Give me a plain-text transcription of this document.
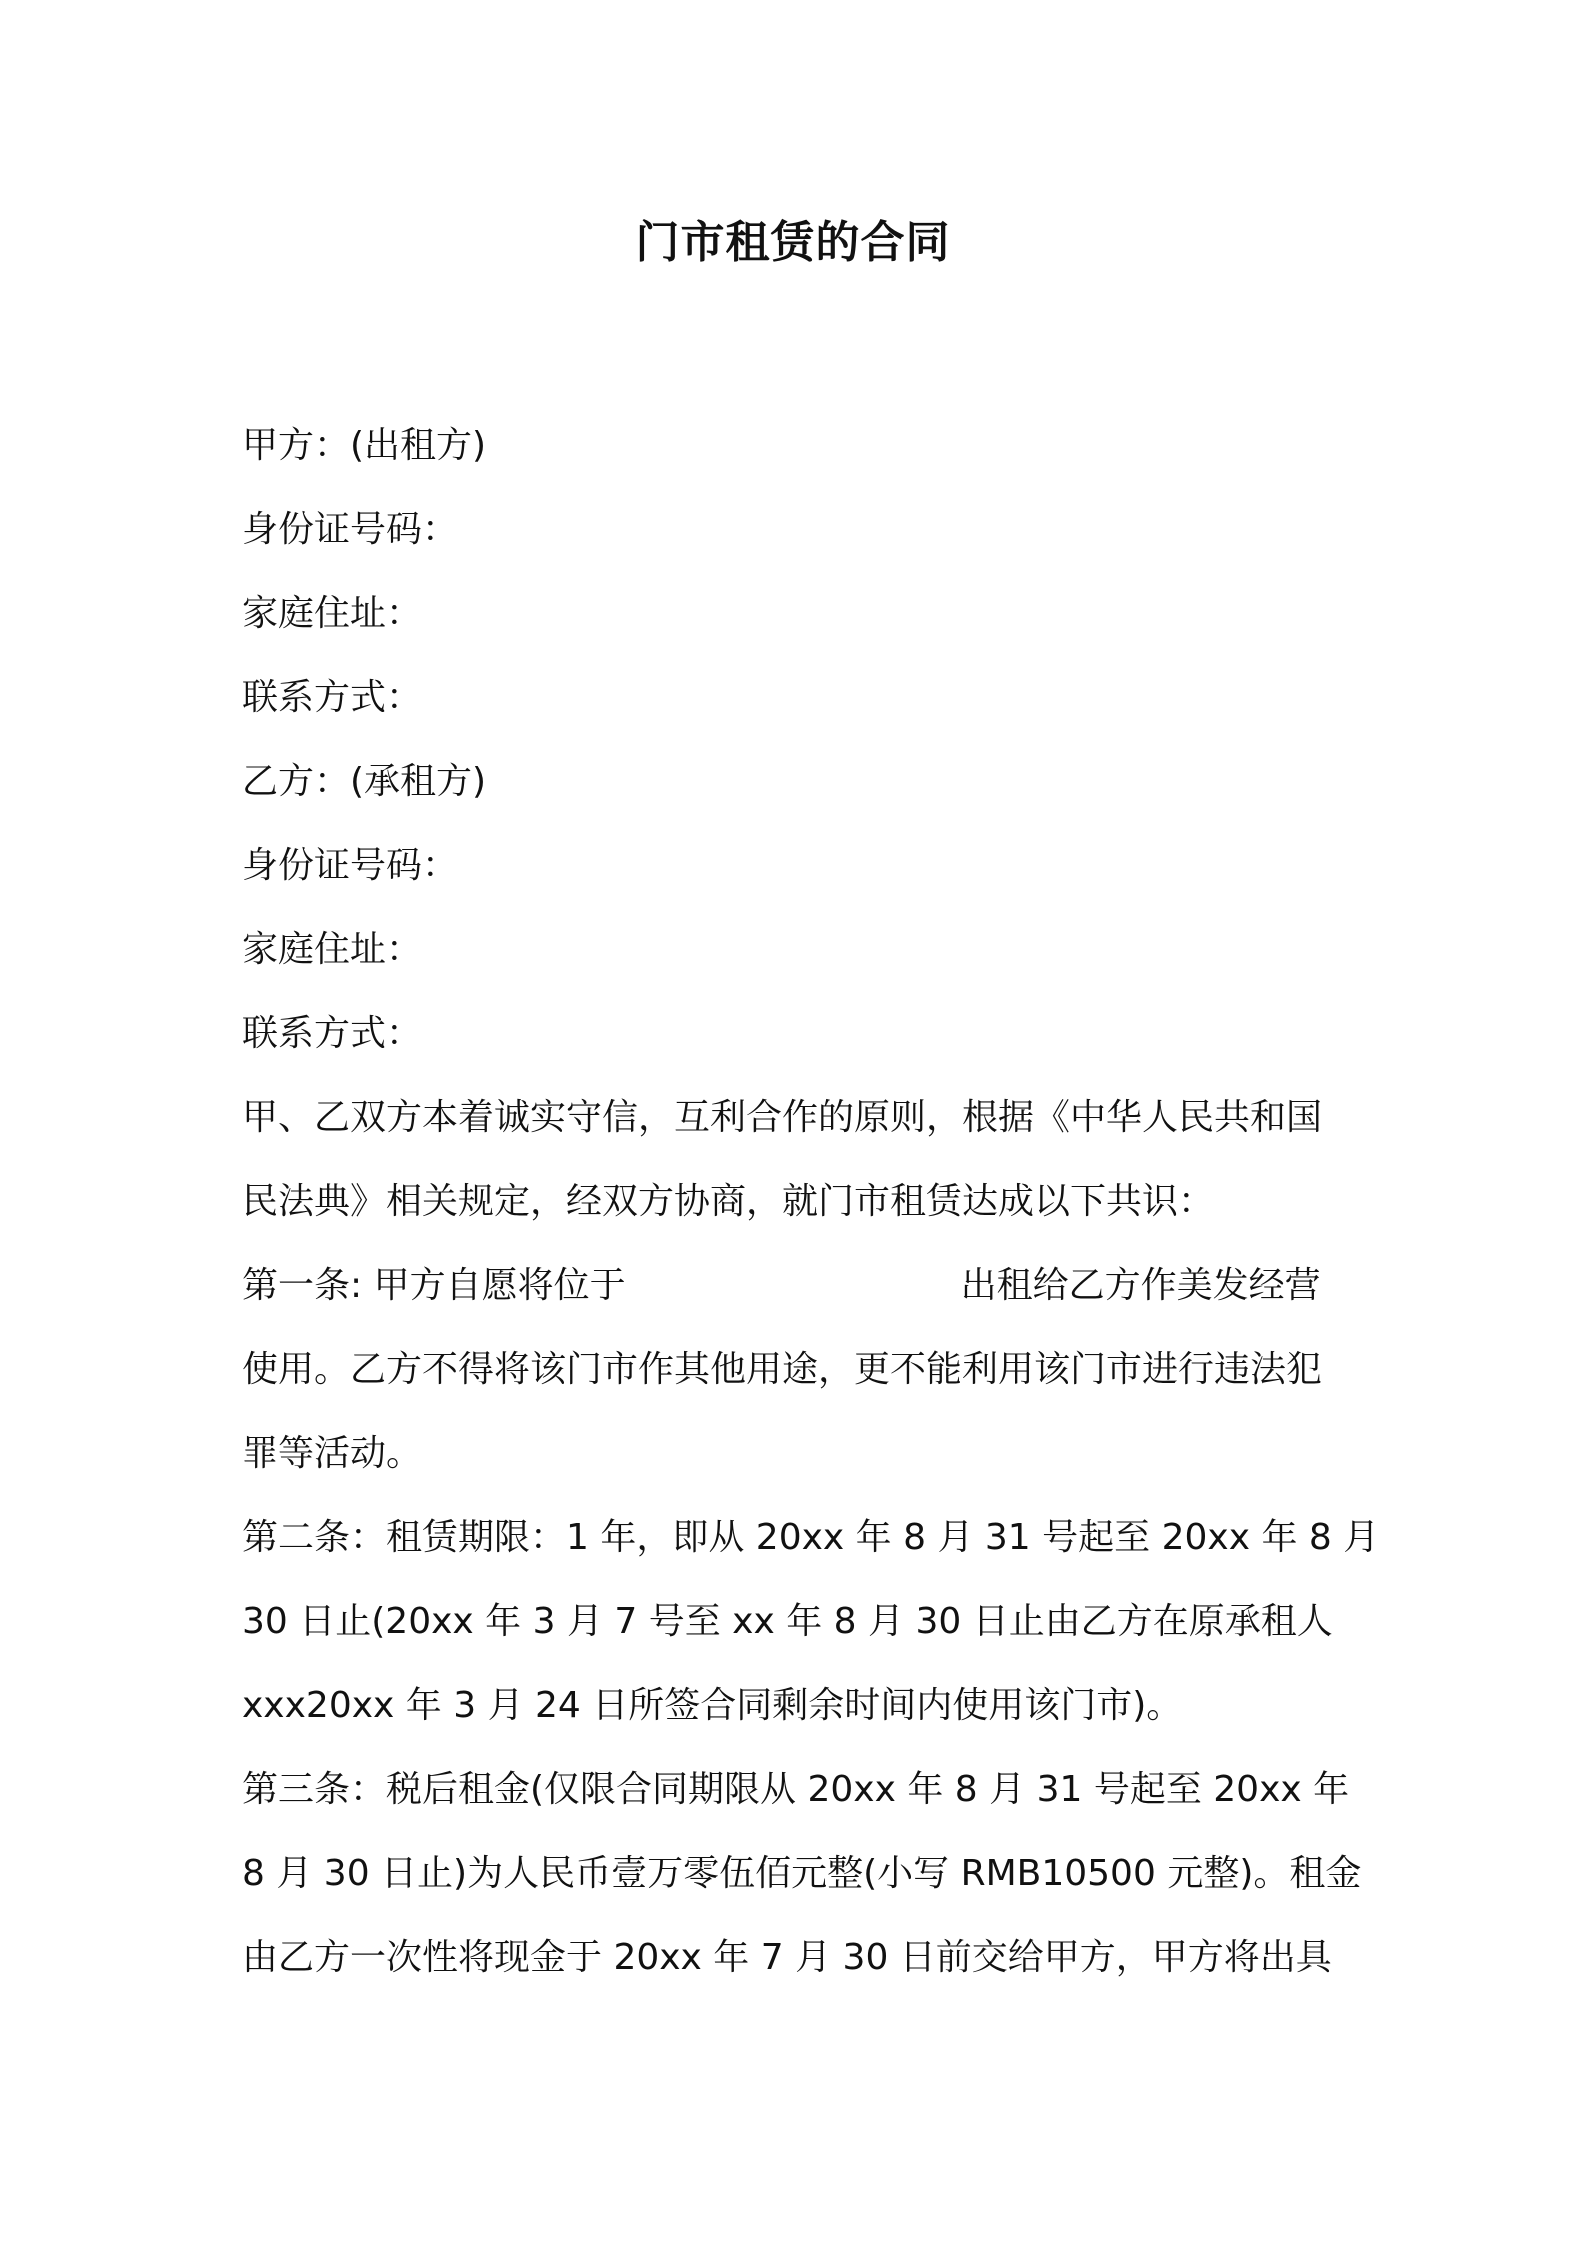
门市租赁的合同
甲方：(出租方)
身份证号码：
家庭住址：
联系方式：
乙方：(承租方)
身份证号码：
家庭住址：
联系方式：
甲、乙双方本着诚实守信，互利合作的原则，根据《中华人民共和国
民法典》相关规定，经双方协商，就门市租赁达成以下共识：
第一条: 甲方自愿将位于	出租给乙方作美发经营
使用。乙方不得将该门市作其他用途，更不能利用该门市进行违法犯
罪等活动。
第二条：租赁期限：1 年，即从 20xx 年 8 月 31 号起至 20xx 年 8 月
30 日止(20xx 年 3 月 7 号至 xx 年 8 月 30 日止由乙方在原承租人
xxx20xx 年 3 月 24 日所签合同剩余时间内使用该门市)。
第三条：税后租金(仅限合同期限从 20xx 年 8 月 31 号起至 20xx 年
8 月 30 日止)为人民币壹万零伍佰元整(小写 RMB10500 元整)。租金
由乙方一次性将现金于 20xx 年 7 月 30 日前交给甲方，甲方将出具
